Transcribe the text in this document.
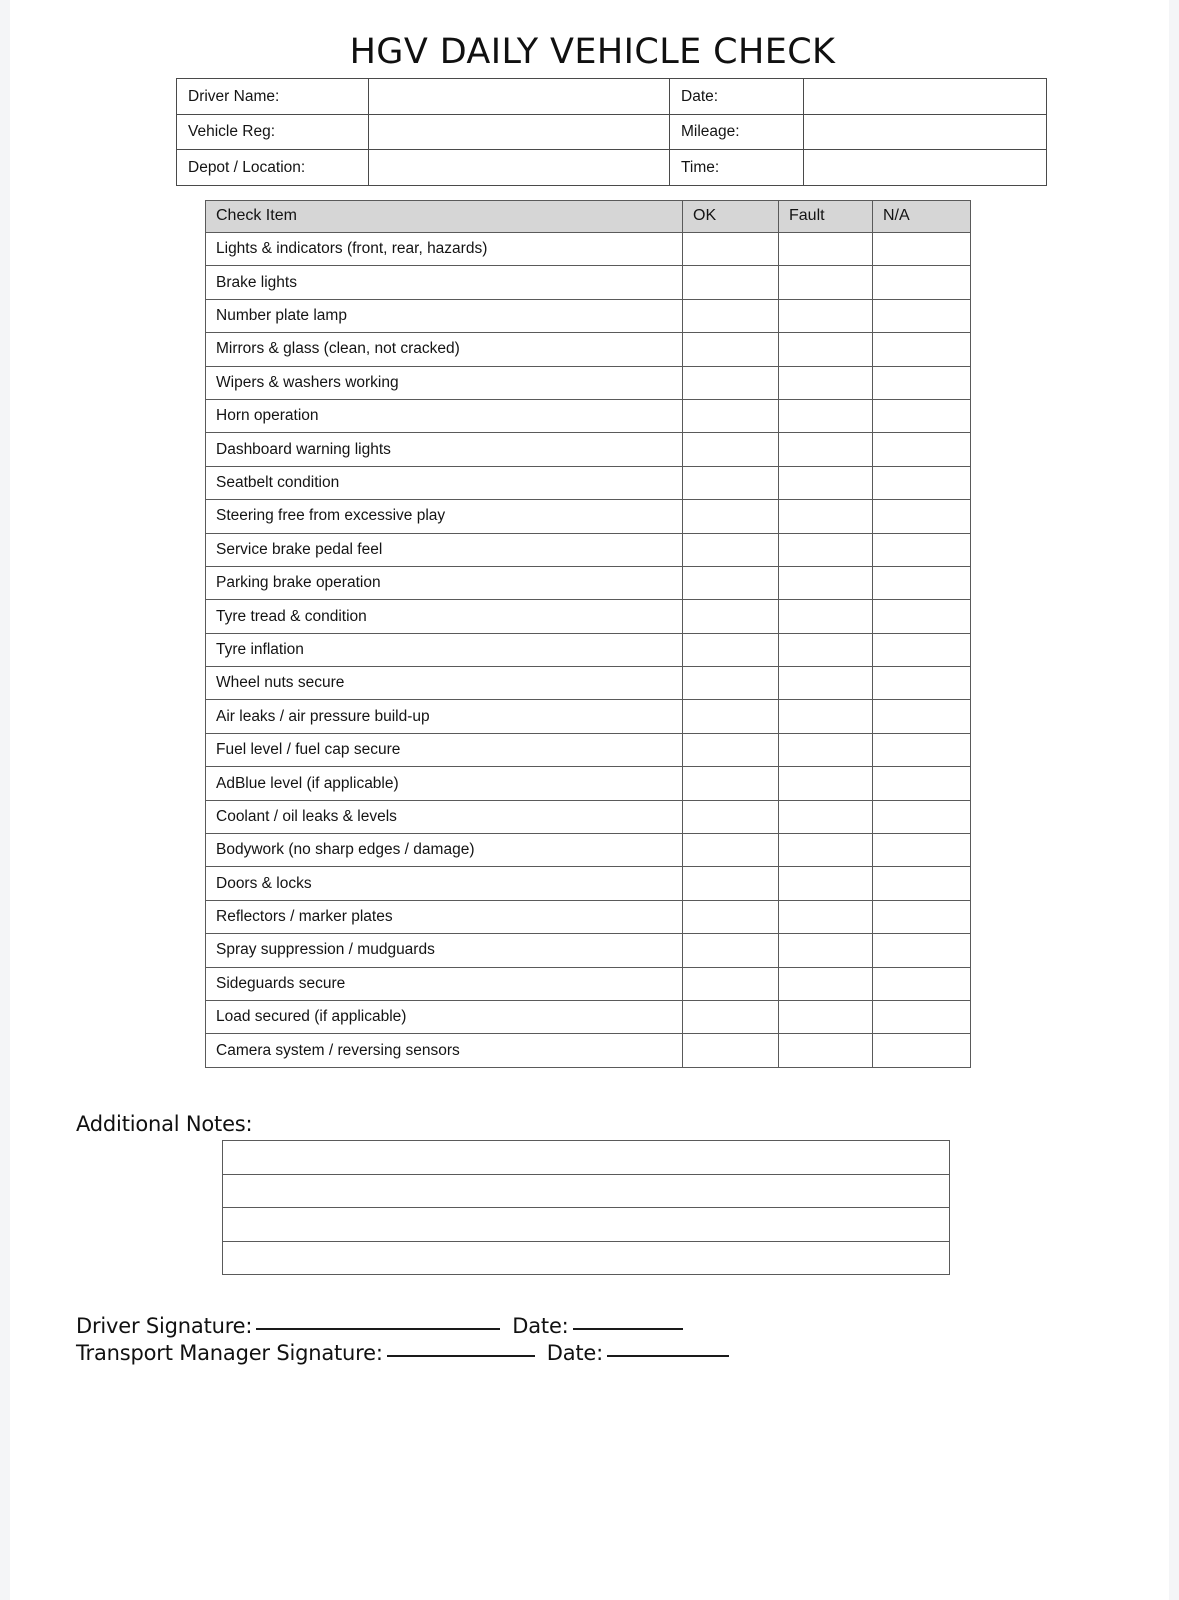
HGV DAILY VEHICLE CHECK
Driver Name:		Date:	
Vehicle Reg:		Mileage:	
Depot / Location:		Time:	
Check Item	OK	Fault	N/A
Lights & indicators (front, rear, hazards)			
Brake lights			
Number plate lamp			
Mirrors & glass (clean, not cracked)			
Wipers & washers working			
Horn operation			
Dashboard warning lights			
Seatbelt condition			
Steering free from excessive play			
Service brake pedal feel			
Parking brake operation			
Tyre tread & condition			
Tyre inflation			
Wheel nuts secure			
Air leaks / air pressure build-up			
Fuel level / fuel cap secure			
AdBlue level (if applicable)			
Coolant / oil leaks & levels			
Bodywork (no sharp edges / damage)			
Doors & locks			
Reflectors / marker plates			
Spray suppression / mudguards			
Sideguards secure			
Load secured (if applicable)			
Camera system / reversing sensors			
Additional Notes:

Driver Signature:	Date:
Transport Manager Signature:	Date:
